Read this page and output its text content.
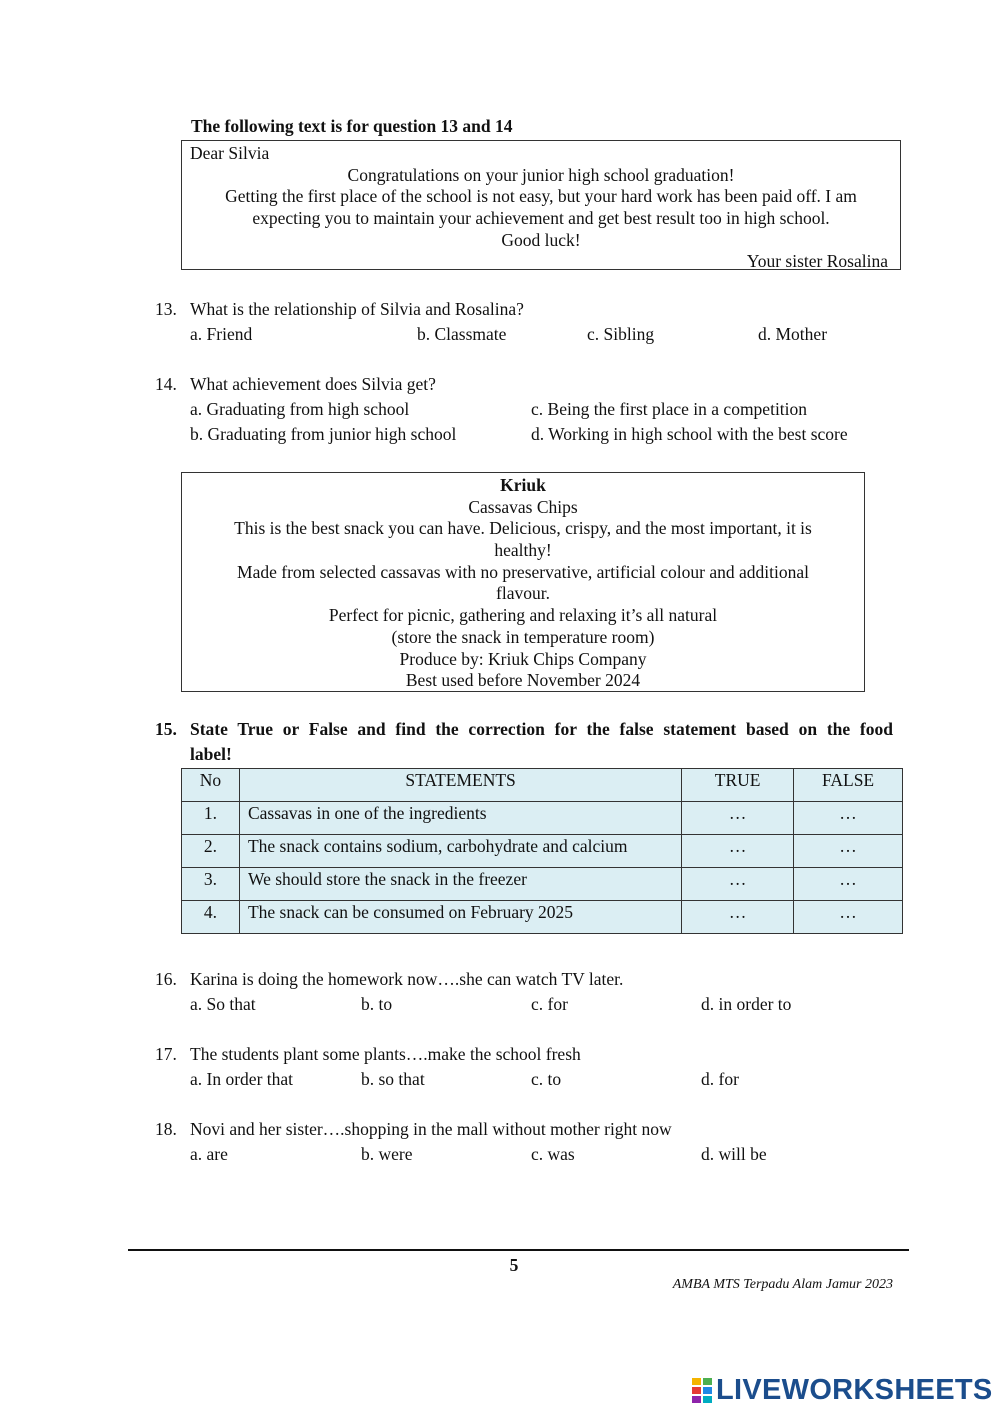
The following text is for question 13 and 14
Dear Silvia
Congratulations on your junior high school graduation!
Getting the first place of the school is not easy, but your hard work has been paid off. I am
expecting you to maintain your achievement and get best result too in high school.
Good luck!
Your sister Rosalina
13. What is the relationship of Silvia and Rosalina?
a. Friend	b. Classmate	c. Sibling	d. Mother
14. What achievement does Silvia get?
a. Graduating from high school
b. Graduating from junior high school
c. Being the first place in a competition
d. Working in high school with the best score
Kriuk
Cassavas Chips
This is the best snack you can have. Delicious, crispy, and the most important, it is
healthy!
Made from selected cassavas with no preservative, artificial colour and additional
flavour.
Perfect for picnic, gathering and relaxing it’s all natural
(store the snack in temperature room)
Produce by: Kriuk Chips Company
Best used before November 2024
15. State True or False and find the correction for the false statement based on the food
label!
No	STATEMENTS	TRUE	FALSE
1.	Cassavas in one of the ingredients	…	…
2.	The snack contains sodium, carbohydrate and calcium	…	…
3.	We should store the snack in the freezer	…	…
4.	The snack can be consumed on February 2025	…	…
16. Karina is doing the homework now….she can watch TV later.
a. So that	b. to	c. for	d. in order to
17. The students plant some plants….make the school fresh
a. In order that	b. so that	c. to	d. for
18. Novi and her sister….shopping in the mall without mother right now
a. are	b. were	c. was	d. will be
5
AMBA MTS Terpadu Alam Jamur 2023
LIVEWORKSHEETS
